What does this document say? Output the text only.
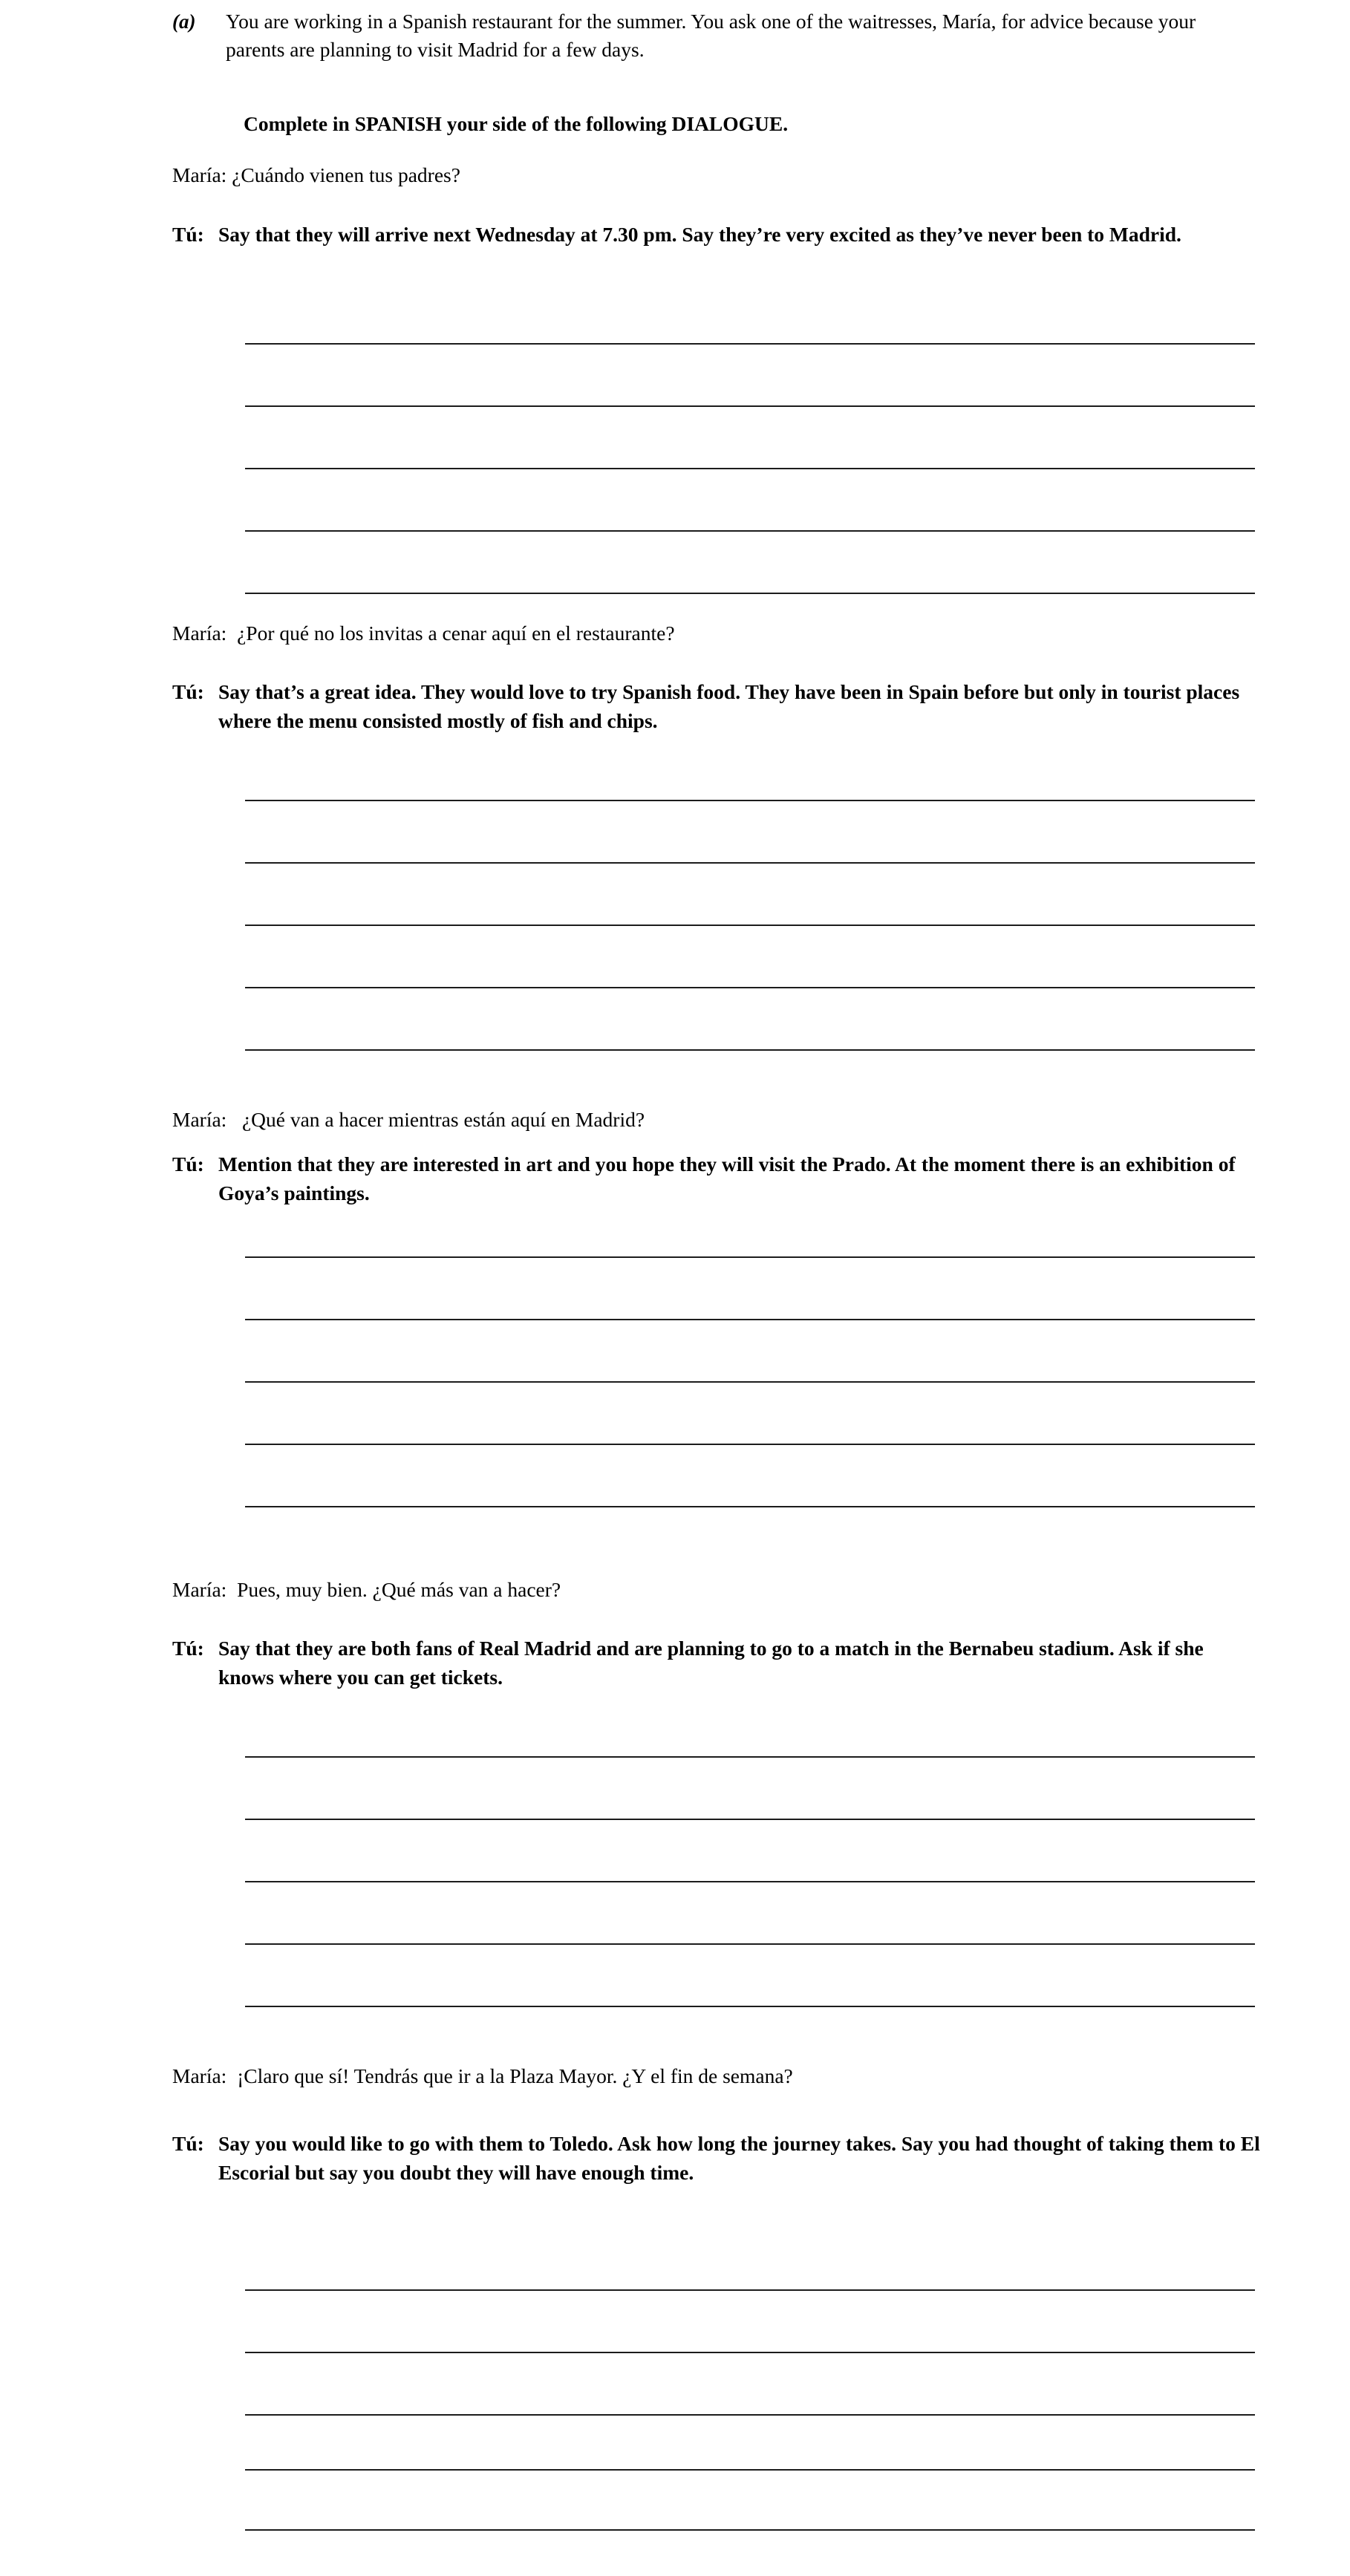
(a)	You are working in a Spanish restaurant for the summer. You ask one of the waitresses, María, for advice because your parents are planning to visit Madrid for a few days.
Complete in SPANISH your side of the following DIALOGUE.
María:
¿Cuándo vienen tus padres?
Tú: Say that they will arrive next Wednesday at 7.30 pm. Say they’re very excited as they’ve never been to Madrid.
María:
¿Por qué no los invitas a cenar aquí en el restaurante?
Tú: Say that’s a great idea. They would love to try Spanish food. They have been in Spain before but only in tourist places where the menu consisted mostly of fish and chips.
María:
¿Qué van a hacer mientras están aquí en Madrid?
Tú: Mention that they are interested in art and you hope they will visit the Prado. At the moment there is an exhibition of Goya’s paintings.
María:
Pues, muy bien. ¿Qué más van a hacer?
Tú: Say that they are both fans of Real Madrid and are planning to go to a match in the Bernabeu stadium. Ask if she knows where you can get tickets.
María:
¡Claro que sí! Tendrás que ir a la Plaza Mayor. ¿Y el fin de semana?
Tú: Say you would like to go with them to Toledo. Ask how long the journey takes. Say you had thought of taking them to El Escorial but say you doubt they will have enough time.
